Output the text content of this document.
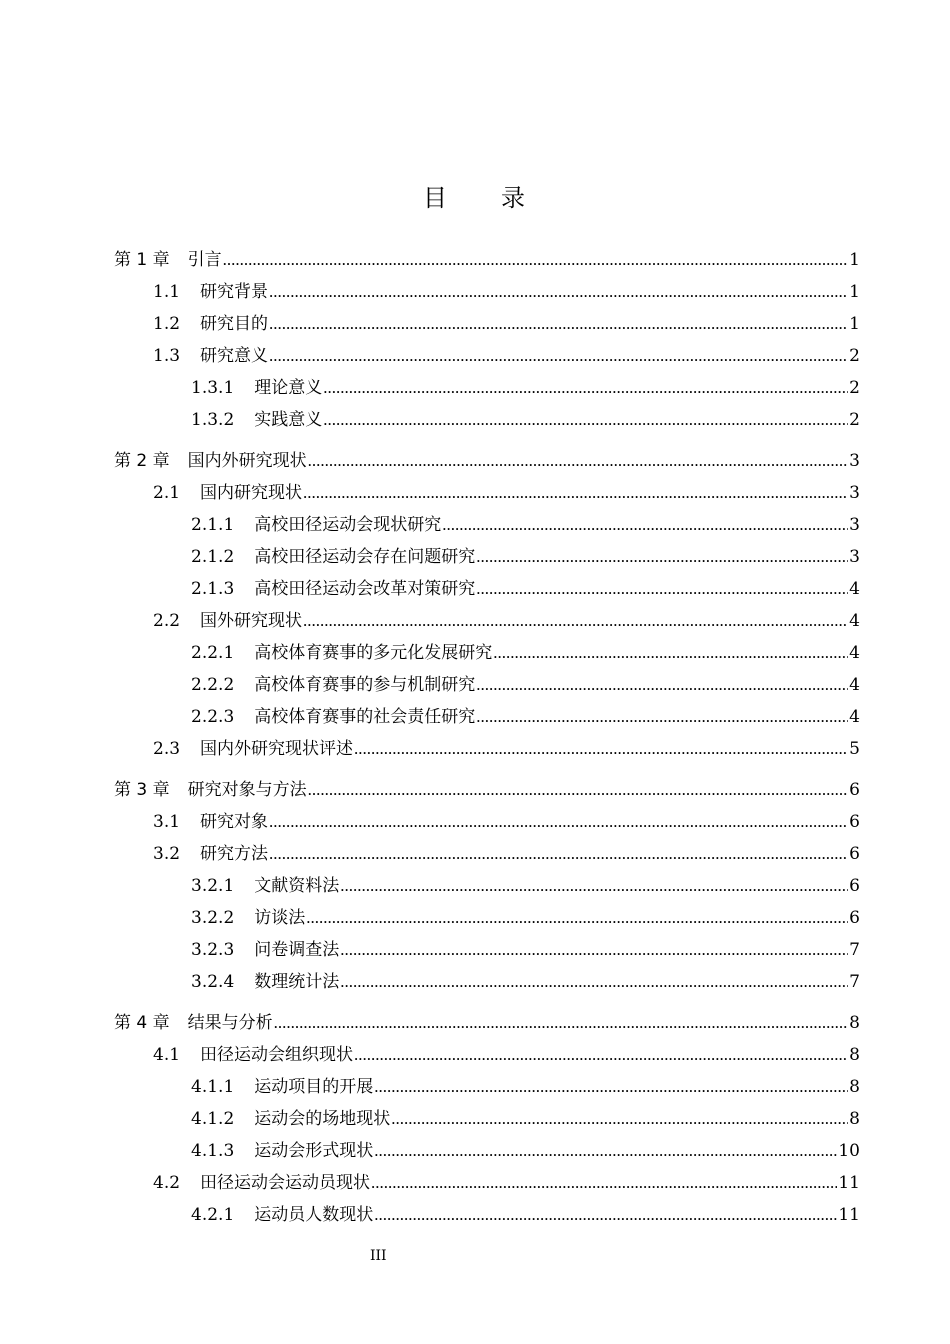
目 录
第 1 章 引言 .....	1
1.1 研究背景 .....	1
1.2 研究目的 .....	1
1.3 研究意义 .....	2
1.3.1 理论意义 .....	2
1.3.2 实践意义 .....	2
第 2 章 国内外研究现状 .....	3
2.1 国内研究现状 .....	3
2.1.1 高校田径运动会现状研究 .....	3
2.1.2 高校田径运动会存在问题研究 .....	3
2.1.3 高校田径运动会改革对策研究 .....	4
2.2 国外研究现状 .....	4
2.2.1 高校体育赛事的多元化发展研究 .....	4
2.2.2 高校体育赛事的参与机制研究 .....	4
2.2.3 高校体育赛事的社会责任研究 .....	4
2.3 国内外研究现状评述 .....	5
第 3 章 研究对象与方法 .....	6
3.1 研究对象 .....	6
3.2 研究方法 .....	6
3.2.1 文献资料法 .....	6
3.2.2 访谈法 .....	6
3.2.3 问卷调查法 .....	7
3.2.4 数理统计法 .....	7
第 4 章 结果与分析 .....	8
4.1 田径运动会组织现状 .....	8
4.1.1 运动项目的开展 .....	8
4.1.2 运动会的场地现状 .....	8
4.1.3 运动会形式现状 .....	10
4.2 田径运动会运动员现状 .....	11
4.2.1 运动员人数现状 .....	11
III
